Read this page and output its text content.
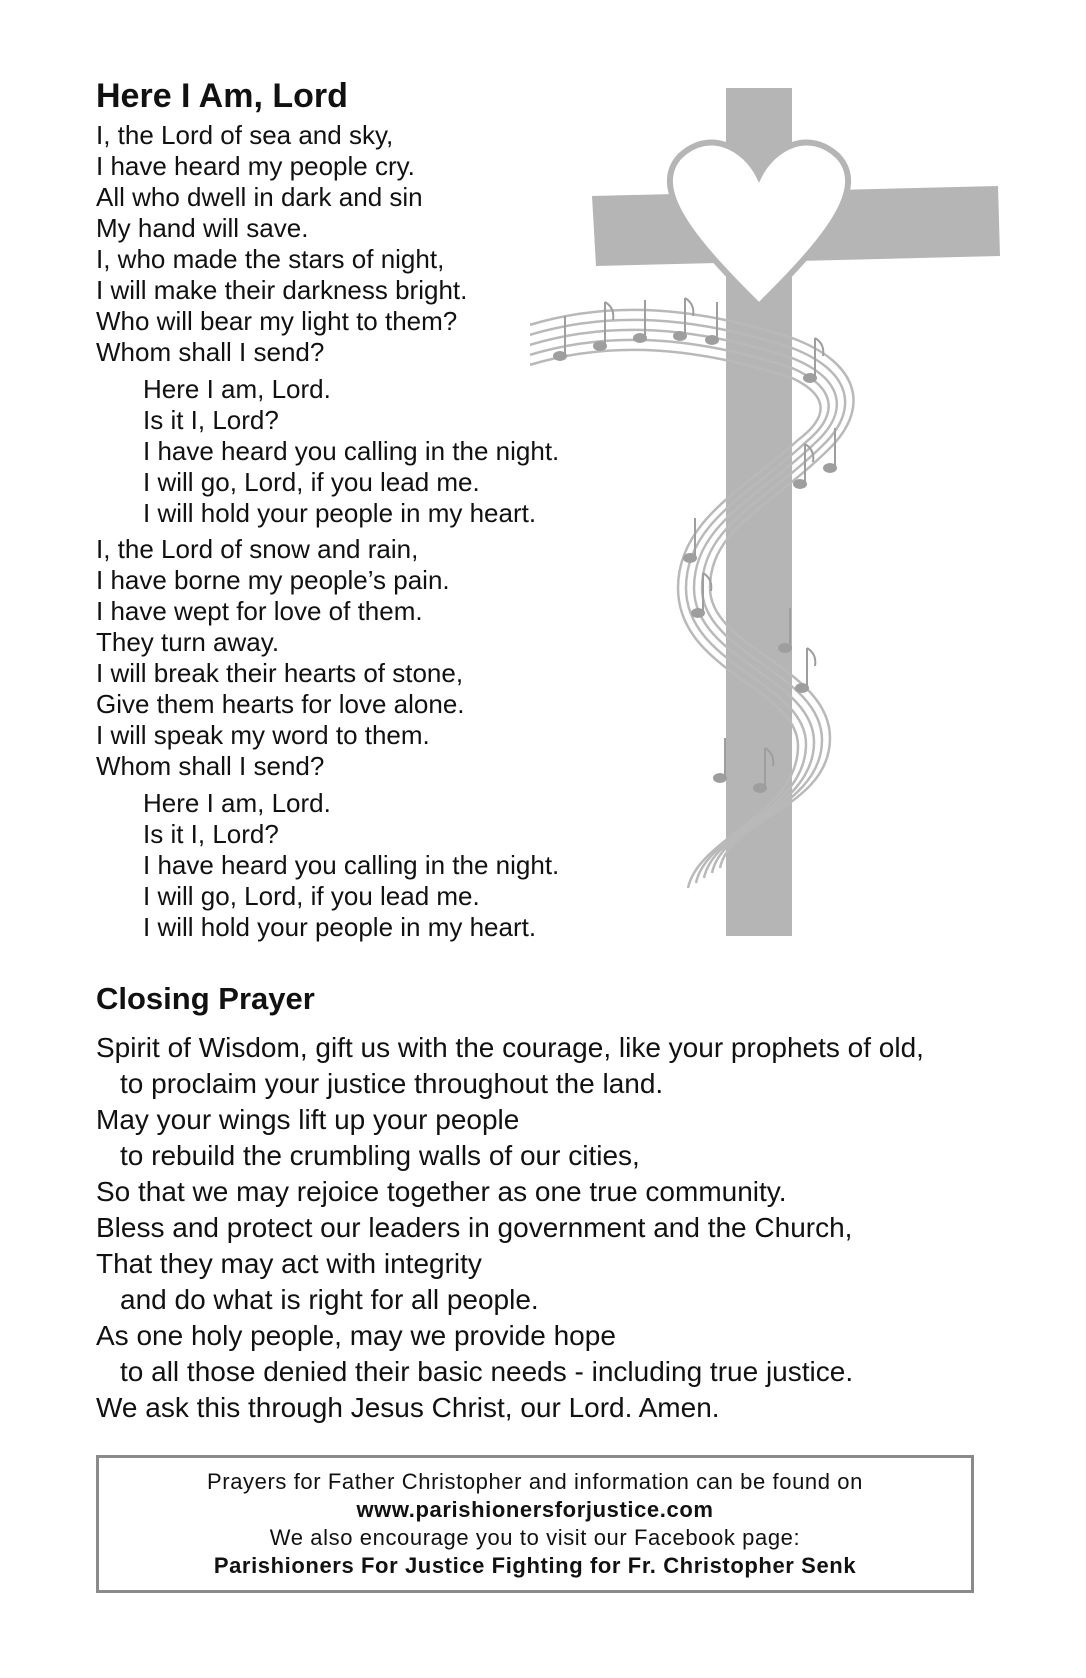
Here I Am, Lord
I, the Lord of sea and sky,
I have heard my people cry.
All who dwell in dark and sin
My hand will save.
I, who made the stars of night,
I will make their darkness bright.
Who will bear my light to them?
Whom shall I send?
Here I am, Lord.
Is it I, Lord?
I have heard you calling in the night.
I will go, Lord, if you lead me.
I will hold your people in my heart.
I, the Lord of snow and rain,
I have borne my people’s pain.
I have wept for love of them.
They turn away.
I will break their hearts of stone,
Give them hearts for love alone.
I will speak my word to them.
Whom shall I send?
Here I am, Lord.
Is it I, Lord?
I have heard you calling in the night.
I will go, Lord, if you lead me.
I will hold your people in my heart.
Closing Prayer
Spirit of Wisdom, gift us with the courage, like your prophets of old,
to proclaim your justice throughout the land.
May your wings lift up your people
to rebuild the crumbling walls of our cities,
So that we may rejoice together as one true community.
Bless and protect our leaders in government and the Church,
That they may act with integrity
and do what is right for all people.
As one holy people, may we provide hope
to all those denied their basic needs - including true justice.
We ask this through Jesus Christ, our Lord. Amen.
Prayers for Father Christopher and information can be found on
www.parishionersforjustice.com
We also encourage you to visit our Facebook page:
Parishioners For Justice Fighting for Fr. Christopher Senk
